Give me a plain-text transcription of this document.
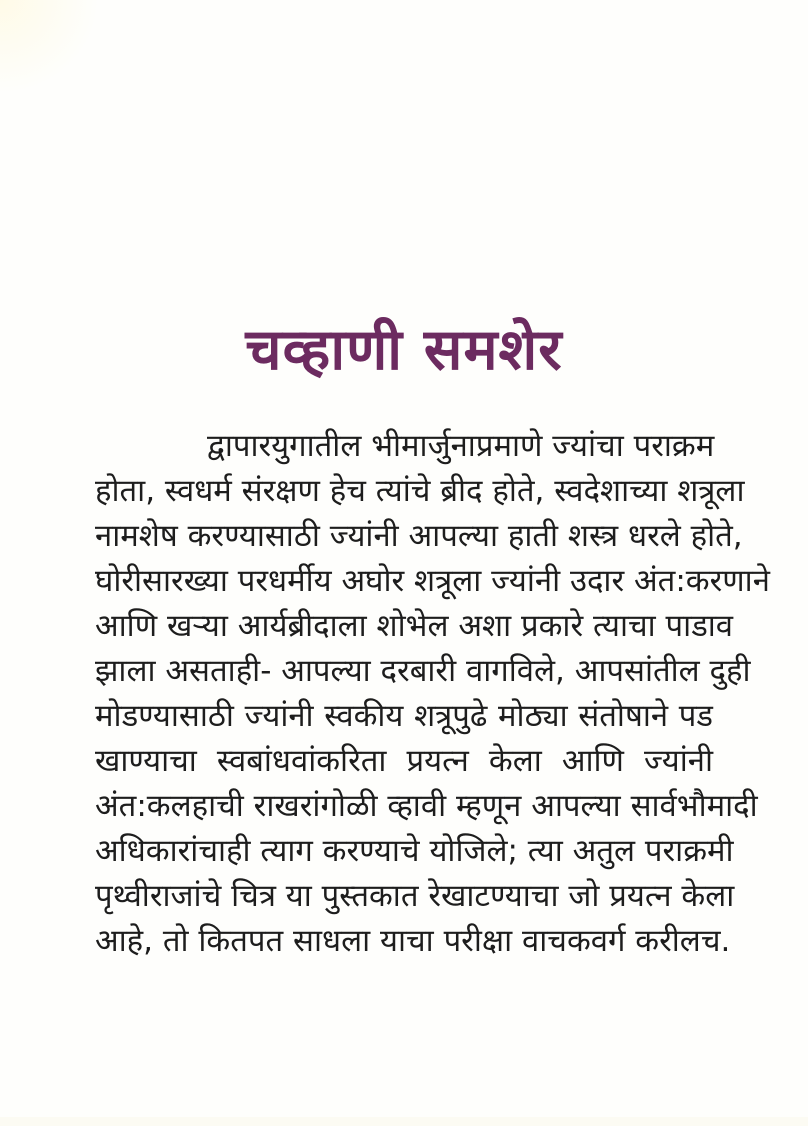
चव्हाणी समशेर
द्वापारयुगातील भीमार्जुनाप्रमाणे ज्यांचा पराक्रम
होता, स्वधर्म संरक्षण हेच त्यांचे ब्रीद होते, स्वदेशाच्या शत्रूला
नामशेष करण्यासाठी ज्यांनी आपल्या हाती शस्त्र धरले होते,
घोरीसारख्या परधर्मीय अघोर शत्रूला ज्यांनी उदार अंत:करणाने
आणि खऱ्या आर्यब्रीदाला शोभेल अशा प्रकारे त्याचा पाडाव
झाला असताही- आपल्या दरबारी वागविले, आपसांतील दुही
मोडण्यासाठी ज्यांनी स्वकीय शत्रूपुढे मोठ्या संतोषाने पड
खाण्याचा स्वबांधवांकरिता प्रयत्न केला आणि ज्यांनी
अंत:कलहाची राखरांगोळी व्हावी म्हणून आपल्या सार्वभौमादी
अधिकारांचाही त्याग करण्याचे योजिले; त्या अतुल पराक्रमी
पृथ्वीराजांचे चित्र या पुस्तकात रेखाटण्याचा जो प्रयत्न केला
आहे, तो कितपत साधला याचा परीक्षा वाचकवर्ग करीलच.
